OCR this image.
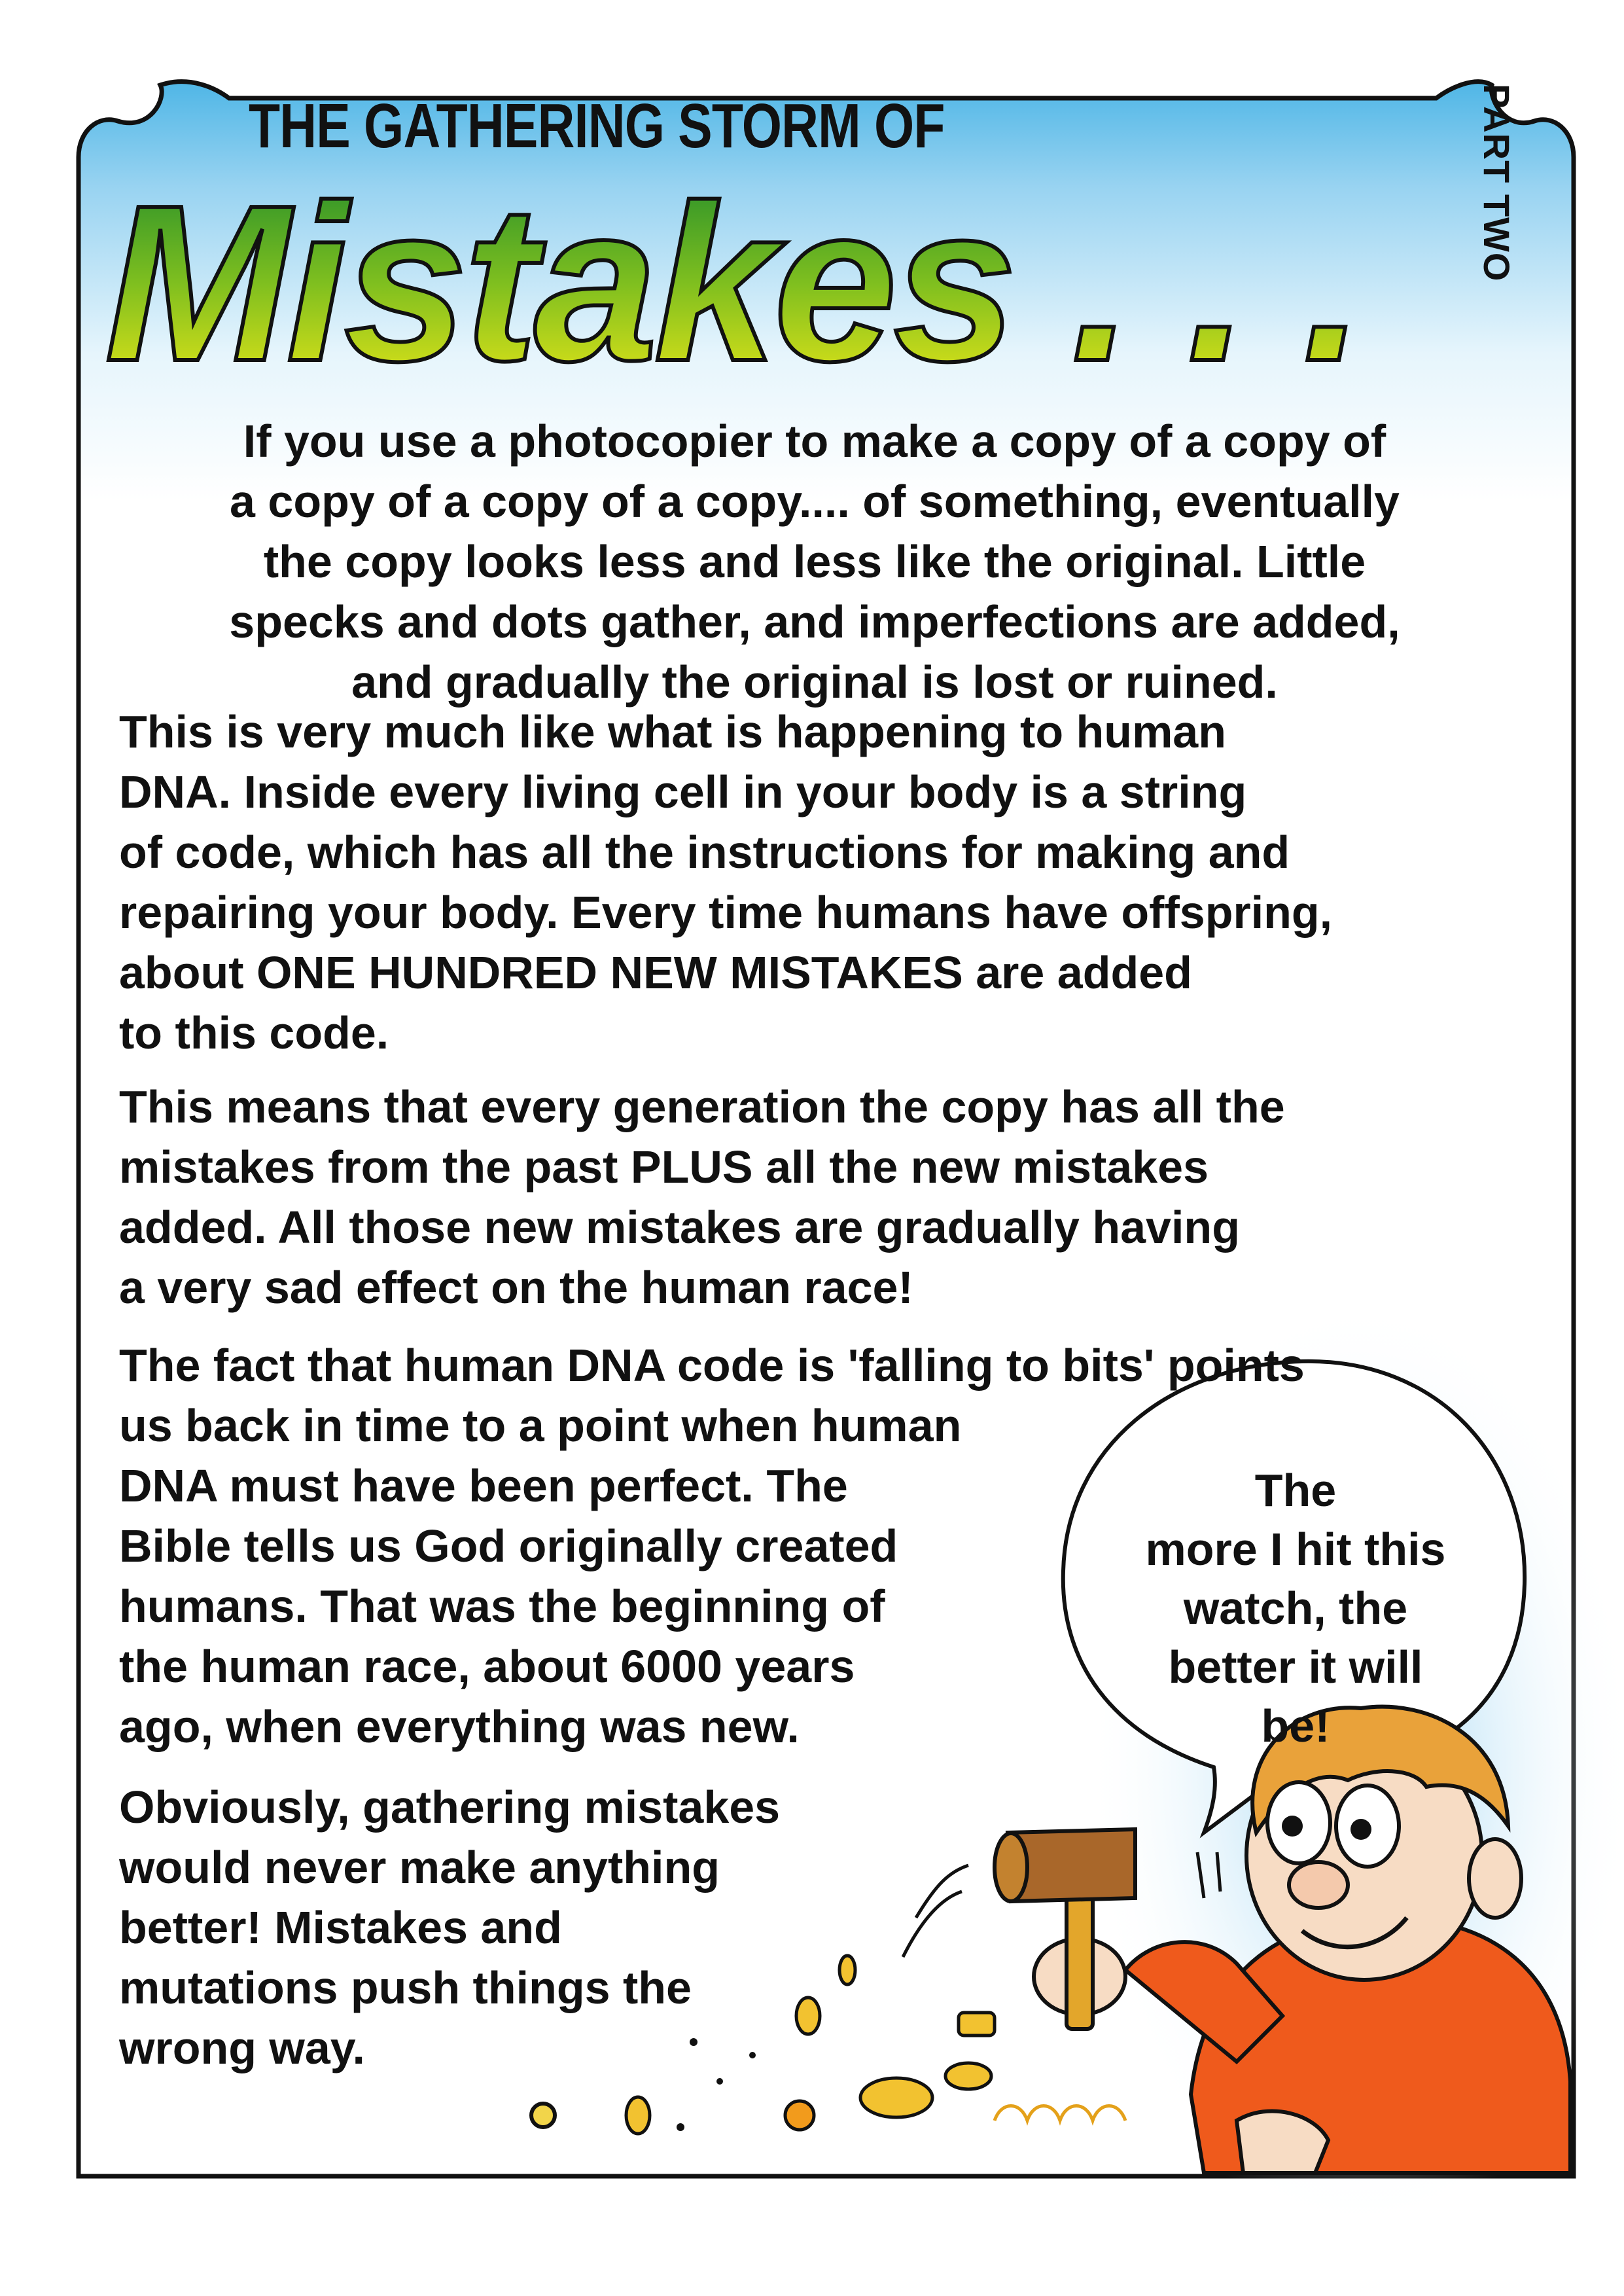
THE GATHERING STORM OF
Mistakes . . .	PART TWO
If you use a photocopier to make a copy of a copy of
a copy of a copy of a copy.... of something, eventually
the copy looks less and less like the original. Little
specks and dots gather, and imperfections are added,
and gradually the original is lost or ruined.
This is very much like what is happening to human
DNA. Inside every living cell in your body is a string
of code, which has all the instructions for making and
repairing your body. Every time humans have offspring,
about ONE HUNDRED NEW MISTAKES are added
to this code.
This means that every generation the copy has all the
mistakes from the past PLUS all the new mistakes
added. All those new mistakes are gradually having
a very sad effect on the human race!
The fact that human DNA code is 'falling to bits' points
us back in time to a point when human
DNA must have been perfect. The
Bible tells us God originally created
humans. That was the beginning of
the human race, about 6000 years
ago, when everything was new.
Obviously, gathering mistakes
would never make anything
better! Mistakes and
mutations push things the
wrong way.
The
more I hit this
watch, the
better it will
be!
